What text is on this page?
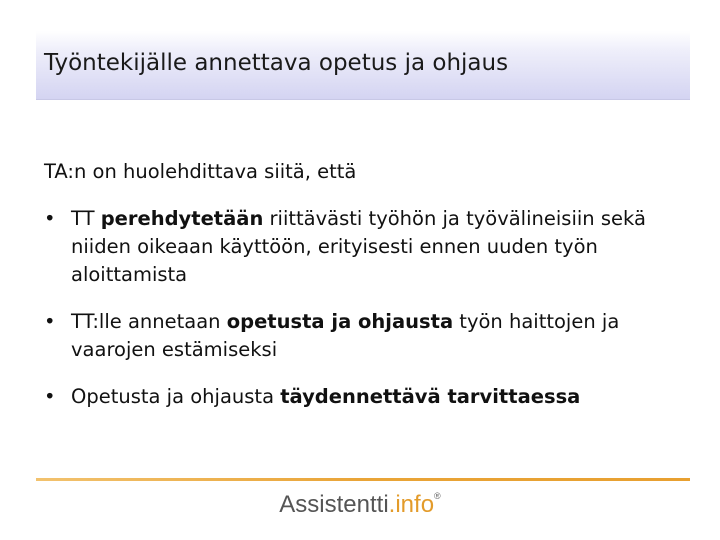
Työntekijälle annettava opetus ja ohjaus

TA:n on huolehdittava siitä, että

• TT perehdytetään riittävästi työhön ja työvälineisiin sekä niiden oikeaan käyttöön, erityisesti ennen uuden työn aloittamista
• TT:lle annetaan opetusta ja ohjausta työn haittojen ja vaarojen estämiseksi
• Opetusta ja ohjausta täydennettävä tarvittaessa
Assistentti.info®
